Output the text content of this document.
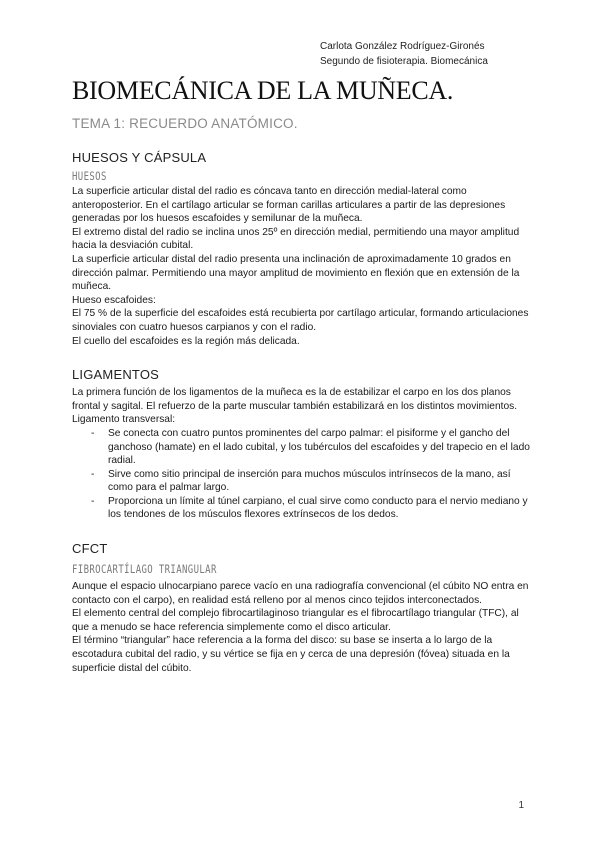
Carlota González Rodríguez-Gironés
Segundo de fisioterapia. Biomecánica
BIOMECÁNICA DE LA MUÑECA.
TEMA 1: RECUERDO ANATÓMICO.
HUESOS Y CÁPSULA
HUESOS

La superficie articular distal del radio es cóncava tanto en dirección medial-lateral como anteroposterior. En el cartílago articular se forman carillas articulares a partir de las depresiones generadas por los huesos escafoides y semilunar de la muñeca.

El extremo distal del radio se inclina unos 25º en dirección medial, permitiendo una mayor amplitud hacia la desviación cubital.

La superficie articular distal del radio presenta una inclinación de aproximadamente 10 grados en dirección palmar. Permitiendo una mayor amplitud de movimiento en flexión que en extensión de la muñeca.

Hueso escafoides:

El 75 % de la superficie del escafoides está recubierta por cartílago articular, formando articulaciones sinoviales con cuatro huesos carpianos y con el radio.

El cuello del escafoides es la región más delicada.

LIGAMENTOS

La primera función de los ligamentos de la muñeca es la de estabilizar el carpo en los dos planos frontal y sagital. El refuerzo de la parte muscular también estabilizará en los distintos movimientos.

Ligamento transversal:

- Se conecta con cuatro puntos prominentes del carpo palmar: el pisiforme y el gancho del ganchoso (hamate) en el lado cubital, y los tubérculos del escafoides y del trapecio en el lado radial.
- Sirve como sitio principal de inserción para muchos músculos intrínsecos de la mano, así como para el palmar largo.
- Proporciona un límite al túnel carpiano, el cual sirve como conducto para el nervio mediano y los tendones de los músculos flexores extrínsecos de los dedos.
CFCT
FIBROCARTÍLAGO TRIANGULAR

Aunque el espacio ulnocarpiano parece vacío en una radiografía convencional (el cúbito NO entra en contacto con el carpo), en realidad está relleno por al menos cinco tejidos interconectados.

El elemento central del complejo fibrocartilaginoso triangular es el fibrocartílago triangular (TFC), al que a menudo se hace referencia simplemente como el disco articular.

El término “triangular” hace referencia a la forma del disco: su base se inserta a lo largo de la escotadura cubital del radio, y su vértice se fija en y cerca de una depresión (fóvea) situada en la superficie distal del cúbito.

1
